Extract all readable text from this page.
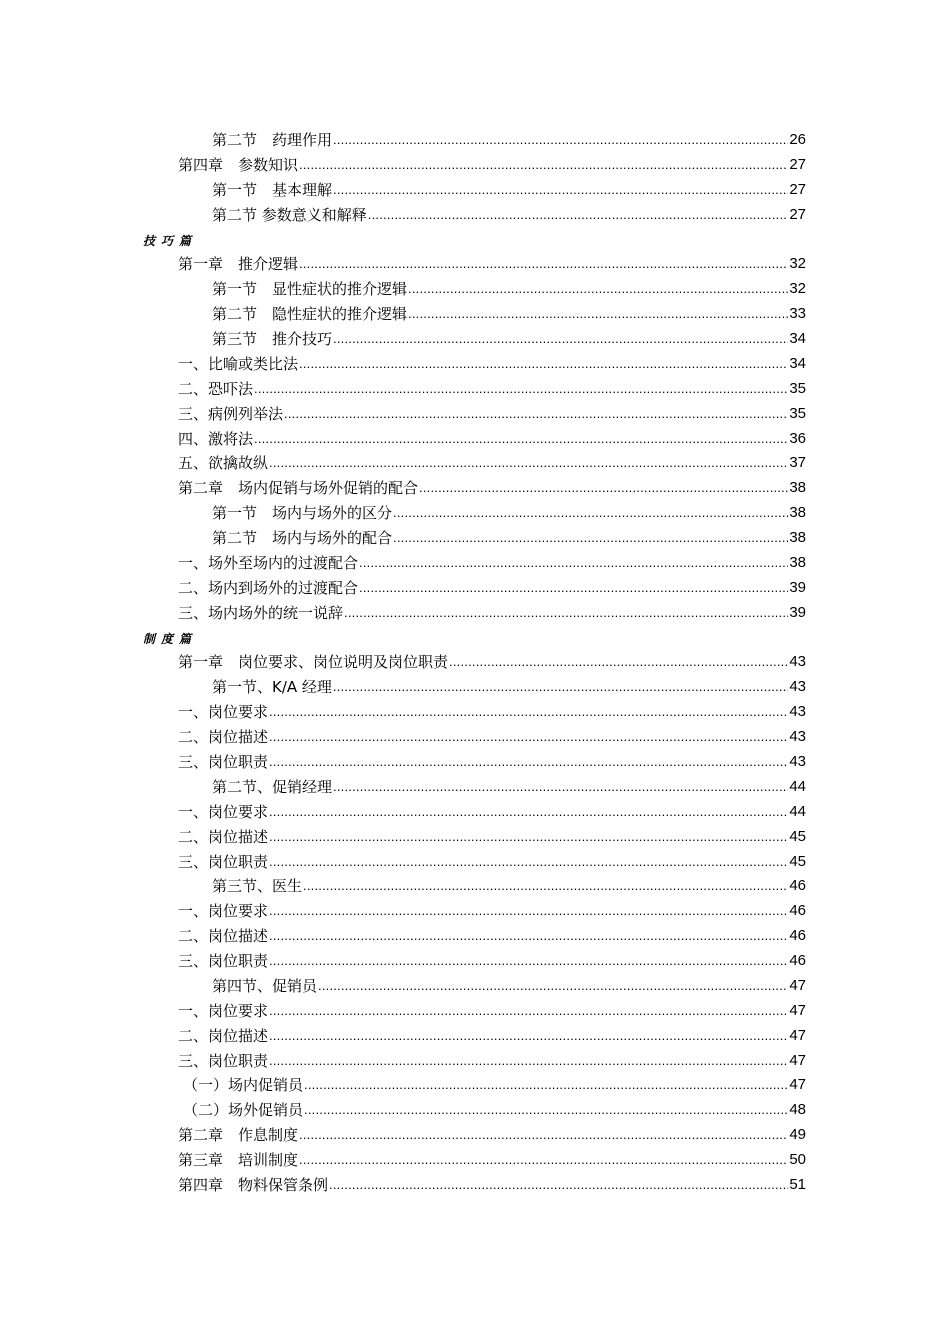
第二节　药理作用 .....	26
第四章　参数知识 .....	27
第一节　基本理解 .....	27
第二节 参数意义和解释 .....	27
技巧篇
第一章　推介逻辑 .....	32
第一节　显性症状的推介逻辑 .....	32
第二节　隐性症状的推介逻辑 .....	33
第三节　推介技巧 .....	34
一、比喻或类比法 .....	34
二、恐吓法 .....	35
三、病例列举法 .....	35
四、激将法 .....	36
五、欲擒故纵 .....	37
第二章　场内促销与场外促销的配合 .....	38
第一节　场内与场外的区分 .....	38
第二节　场内与场外的配合 .....	38
一、场外至场内的过渡配合 .....	38
二、场内到场外的过渡配合 .....	39
三、场内场外的统一说辞 .....	39
制度篇
第一章　岗位要求、岗位说明及岗位职责 .....	43
第一节、K/A 经理 .....	43
一、岗位要求 .....	43
二、岗位描述 .....	43
三、岗位职责 .....	43
第二节、促销经理 .....	44
一、岗位要求 .....	44
二、岗位描述 .....	45
三、岗位职责 .....	45
第三节、医生 .....	46
一、岗位要求 .....	46
二、岗位描述 .....	46
三、岗位职责 .....	46
第四节、促销员 .....	47
一、岗位要求 .....	47
二、岗位描述 .....	47
三、岗位职责 .....	47
（一）场内促销员 .....	47
（二）场外促销员 .....	48
第二章　作息制度 .....	49
第三章　培训制度 .....	50
第四章　物料保管条例 .....	51
